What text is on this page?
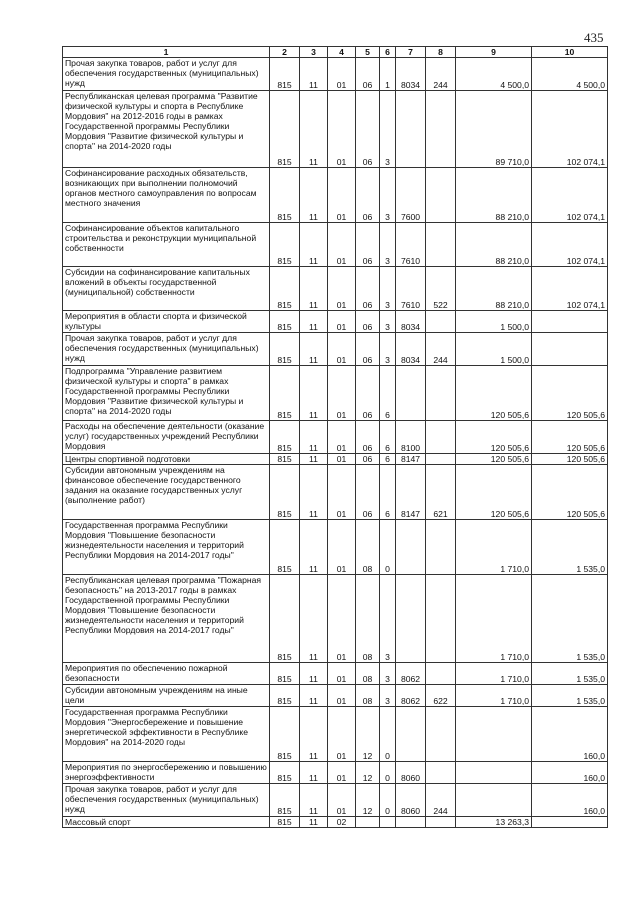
435
1	2	3	4	5	6	7	8	9	10
Прочая закупка товаров, работ и услуг для обеспечения государственных (муниципальных) нужд	815	11	01	06	1	8034	244	4 500,0	4 500,0
Республиканская целевая программа "Развитие физической культуры и спорта в Республике Мордовия" на 2012-2016 годы в рамках Государственной программы Республики Мордовия "Развитие физической культуры и спорта" на 2014-2020 годы	815	11	01	06	3			89 710,0	102 074,1
Софинансирование расходных обязательств, возникающих при выполнении полномочий органов местного самоуправления по вопросам местного значения	815	11	01	06	3	7600		88 210,0	102 074,1
Софинансирование объектов капитального строительства и реконструкции муниципальной собственности	815	11	01	06	3	7610		88 210,0	102 074,1
Субсидии на софинансирование капитальных вложений в объекты государственной (муниципальной) собственности	815	11	01	06	3	7610	522	88 210,0	102 074,1
Мероприятия в области спорта и физической культуры	815	11	01	06	3	8034		1 500,0	
Прочая закупка товаров, работ и услуг для обеспечения государственных (муниципальных) нужд	815	11	01	06	3	8034	244	1 500,0	
Подпрограмма "Управление развитием физической культуры и спорта" в рамках Государственной программы Республики Мордовия "Развитие физической культуры и спорта" на 2014-2020 годы	815	11	01	06	6			120 505,6	120 505,6
Расходы на обеспечение деятельности (оказание услуг) государственных учреждений Республики Мордовия	815	11	01	06	6	8100		120 505,6	120 505,6
Центры спортивной подготовки	815	11	01	06	6	8147		120 505,6	120 505,6
Субсидии автономным учреждениям на финансовое обеспечение государственного задания на оказание государственных услуг (выполнение работ)	815	11	01	06	6	8147	621	120 505,6	120 505,6
Государственная программа Республики Мордовия "Повышение безопасности жизнедеятельности населения и территорий Республики Мордовия на 2014-2017 годы"	815	11	01	08	0			1 710,0	1 535,0
Республиканская целевая программа "Пожарная безопасность" на 2013-2017 годы в рамках Государственной программы Республики Мордовия "Повышение безопасности жизнедеятельности населения и территорий Республики Мордовия на 2014-2017 годы"	815	11	01	08	3			1 710,0	1 535,0
Мероприятия по обеспечению пожарной безопасности	815	11	01	08	3	8062		1 710,0	1 535,0
Субсидии автономным учреждениям на иные цели	815	11	01	08	3	8062	622	1 710,0	1 535,0
Государственная программа Республики Мордовия "Энергосбережение и повышение энергетической эффективности в Республике Мордовия" на 2014-2020 годы	815	11	01	12	0				160,0
Мероприятия по энергосбережению и повышению энергоэффективности	815	11	01	12	0	8060			160,0
Прочая закупка товаров, работ и услуг для обеспечения государственных (муниципальных) нужд	815	11	01	12	0	8060	244		160,0
Массовый спорт	815	11	02					13 263,3	
